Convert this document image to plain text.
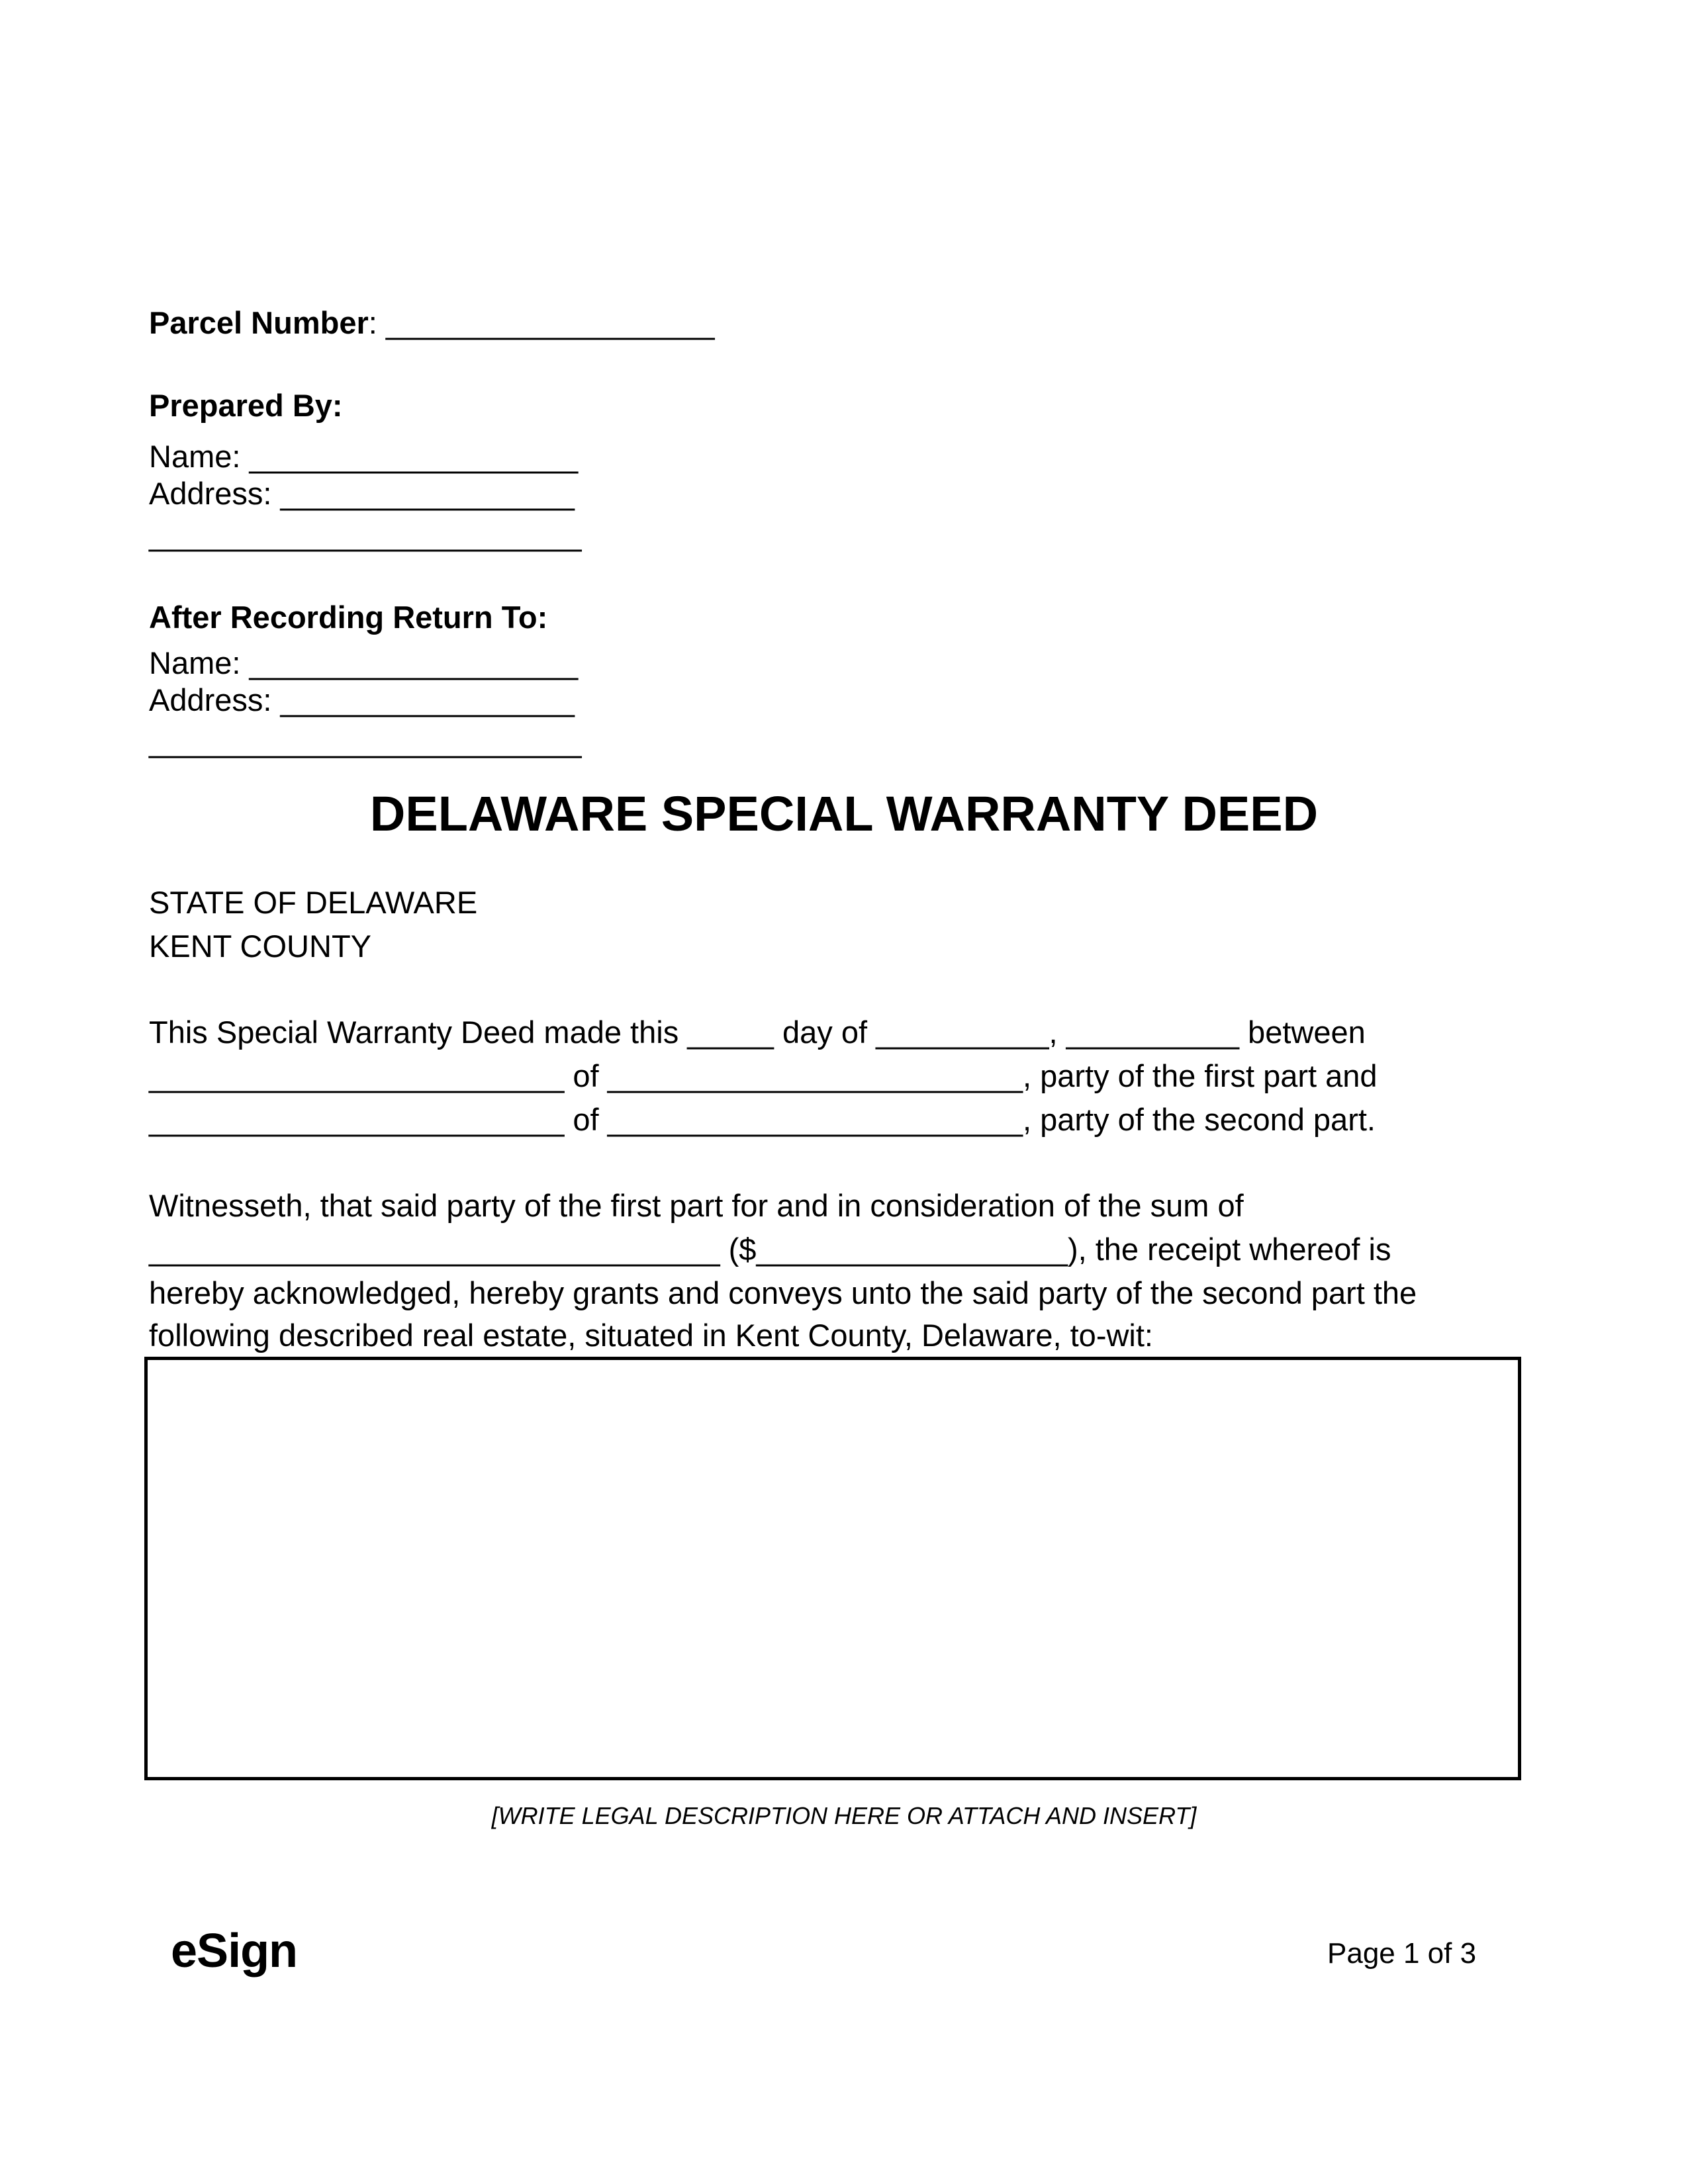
Parcel Number: ___________________
Prepared By:
Name: ___________________
Address: _________________
_________________________
After Recording Return To:
Name: ___________________
Address: _________________
_________________________
DELAWARE SPECIAL WARRANTY DEED
STATE OF DELAWARE
KENT COUNTY
This Special Warranty Deed made this _____ day of __________, __________ between
________________________ of ________________________, party of the first part and
________________________ of ________________________, party of the second part.
Witnesseth, that said party of the first part for and in consideration of the sum of
_________________________________ ($__________________), the receipt whereof is
hereby acknowledged, hereby grants and conveys unto the said party of the second part the
following described real estate, situated in Kent County, Delaware, to-wit:
[WRITE LEGAL DESCRIPTION HERE OR ATTACH AND INSERT]
eSign	Page 1 of 3
